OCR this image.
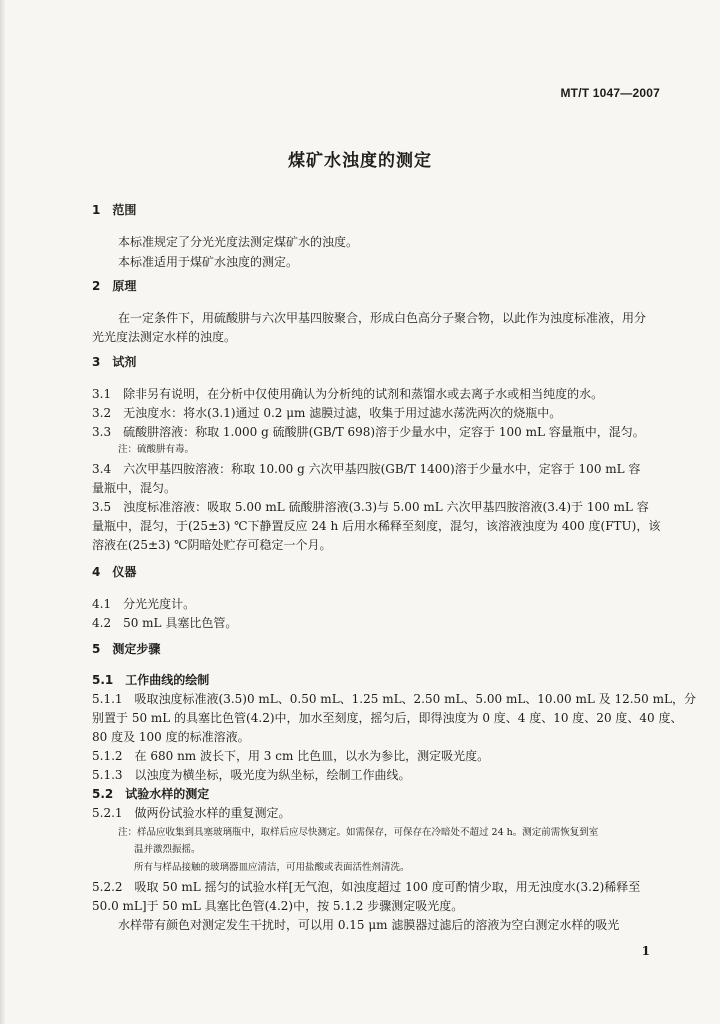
MT/T 1047—2007
煤矿水浊度的测定
1　范围
本标准规定了分光光度法测定煤矿水的浊度。
本标准适用于煤矿水浊度的测定。
2　原理
在一定条件下，用硫酸肼与六次甲基四胺聚合，形成白色高分子聚合物，以此作为浊度标准液，用分
光光度法测定水样的浊度。
3　试剂
3.1　除非另有说明，在分析中仅使用确认为分析纯的试剂和蒸馏水或去离子水或相当纯度的水。
3.2　无浊度水：将水(3.1)通过 0.2 μm 滤膜过滤，收集于用过滤水荡洗两次的烧瓶中。
3.3　硫酸肼溶液：称取 1.000 g 硫酸肼(GB/T 698)溶于少量水中，定容于 100 mL 容量瓶中，混匀。
注：硫酸肼有毒。
3.4　六次甲基四胺溶液：称取 10.00 g 六次甲基四胺(GB/T 1400)溶于少量水中，定容于 100 mL 容
量瓶中，混匀。
3.5　浊度标准溶液：吸取 5.00 mL 硫酸肼溶液(3.3)与 5.00 mL 六次甲基四胺溶液(3.4)于 100 mL 容
量瓶中，混匀，于(25±3) ℃下静置反应 24 h 后用水稀释至刻度，混匀，该溶液浊度为 400 度(FTU)，该
溶液在(25±3) ℃阴暗处贮存可稳定一个月。
4　仪器
4.1　分光光度计。
4.2　50 mL 具塞比色管。
5　测定步骤
5.1　工作曲线的绘制
5.1.1　吸取浊度标准液(3.5)0 mL、0.50 mL、1.25 mL、2.50 mL、5.00 mL、10.00 mL 及 12.50 mL，分
别置于 50 mL 的具塞比色管(4.2)中，加水至刻度，摇匀后，即得浊度为 0 度、4 度、10 度、20 度、40 度、
80 度及 100 度的标准溶液。
5.1.2　在 680 nm 波长下，用 3 cm 比色皿，以水为参比，测定吸光度。
5.1.3　以浊度为横坐标，吸光度为纵坐标，绘制工作曲线。
5.2　试验水样的测定
5.2.1　做两份试验水样的重复测定。
注：样品应收集到具塞玻璃瓶中，取样后应尽快测定。如需保存，可保存在冷暗处不超过 24 h。测定前需恢复到室
温并激烈振摇。
所有与样品接触的玻璃器皿应清洁，可用盐酸或表面活性剂清洗。
5.2.2　吸取 50 mL 摇匀的试验水样[无气泡，如浊度超过 100 度可酌情少取，用无浊度水(3.2)稀释至
50.0 mL]于 50 mL 具塞比色管(4.2)中，按 5.1.2 步骤测定吸光度。
水样带有颜色对测定发生干扰时，可以用 0.15 μm 滤膜器过滤后的溶液为空白测定水样的吸光
1
